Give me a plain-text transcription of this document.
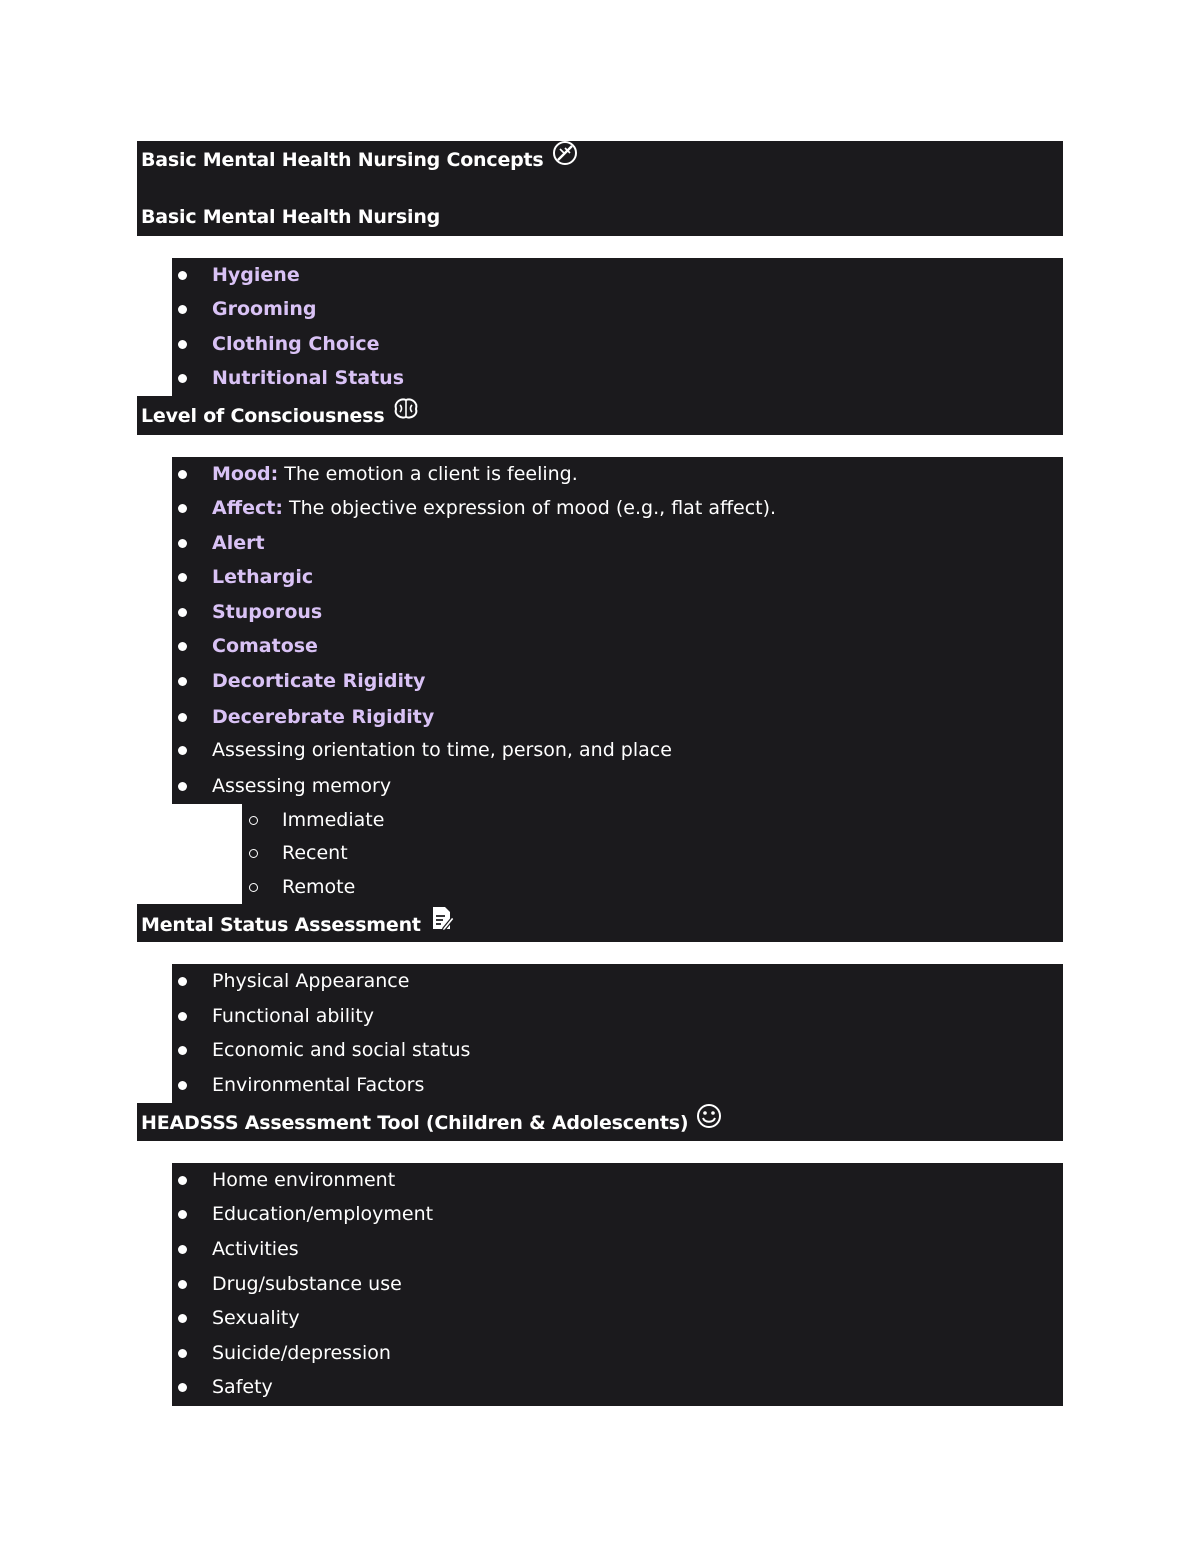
Basic Mental Health Nursing Concepts
Basic Mental Health Nursing
Hygiene
Grooming
Clothing Choice
Nutritional Status
Level of Consciousness
Mood: The emotion a client is feeling.
Affect: The objective expression of mood (e.g., flat affect).
Alert
Lethargic
Stuporous
Comatose
Decorticate Rigidity
Decerebrate Rigidity
Assessing orientation to time, person, and place
Assessing memory
Immediate
Recent
Remote
Mental Status Assessment
Physical Appearance
Functional ability
Economic and social status
Environmental Factors
HEADSSS Assessment Tool (Children & Adolescents)
Home environment
Education/employment
Activities
Drug/substance use
Sexuality
Suicide/depression
Safety
